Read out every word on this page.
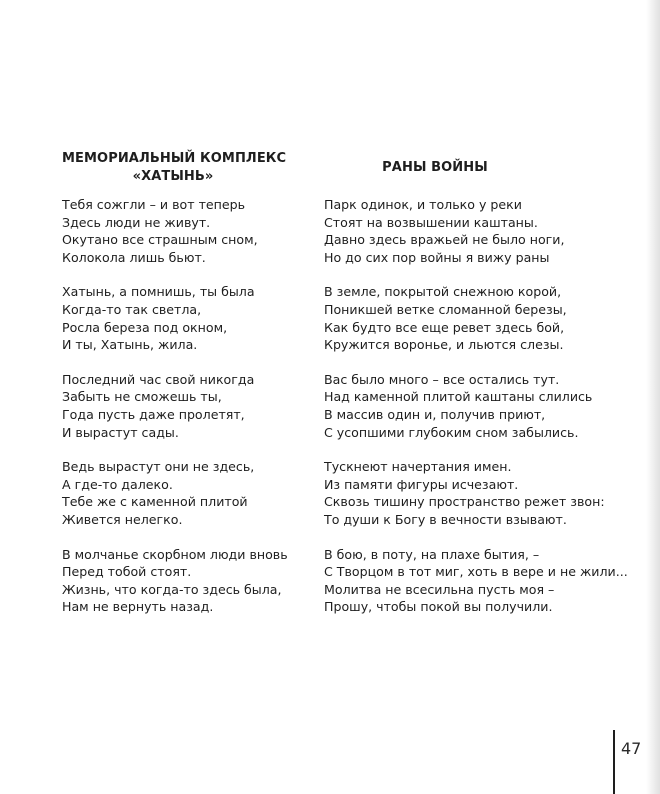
МЕМОРИАЛЬНЫЙ КОМПЛЕКС
«ХАТЫНЬ»
Тебя сожгли – и вот теперь
Здесь люди не живут.
Окутано все страшным сном,
Колокола лишь бьют.
Хатынь, а помнишь, ты была
Когда-то так светла,
Росла береза под окном,
И ты, Хатынь, жила.
Последний час свой никогда
Забыть не сможешь ты,
Года пусть даже пролетят,
И вырастут сады.
Ведь вырастут они не здесь,
А где-то далеко.
Тебе же с каменной плитой
Живется нелегко.
В молчанье скорбном люди вновь
Перед тобой стоят.
Жизнь, что когда-то здесь была,
Нам не вернуть назад.
РАНЫ ВОЙНЫ
Парк одинок, и только у реки
Стоят на возвышении каштаны.
Давно здесь вражьей не было ноги,
Но до сих пор войны я вижу раны
В земле, покрытой снежною корой,
Поникшей ветке сломанной березы,
Как будто все еще ревет здесь бой,
Кружится воронье, и льются слезы.
Вас было много – все остались тут.
Над каменной плитой каштаны слились
В массив один и, получив приют,
С усопшими глубоким сном забылись.
Тускнеют начертания имен.
Из памяти фигуры исчезают.
Сквозь тишину пространство режет звон:
То души к Богу в вечности взывают.
В бою, в поту, на плахе бытия, –
С Творцом в тот миг, хоть в вере и не жили...
Молитва не всесильна пусть моя –
Прошу, чтобы покой вы получили.
47
